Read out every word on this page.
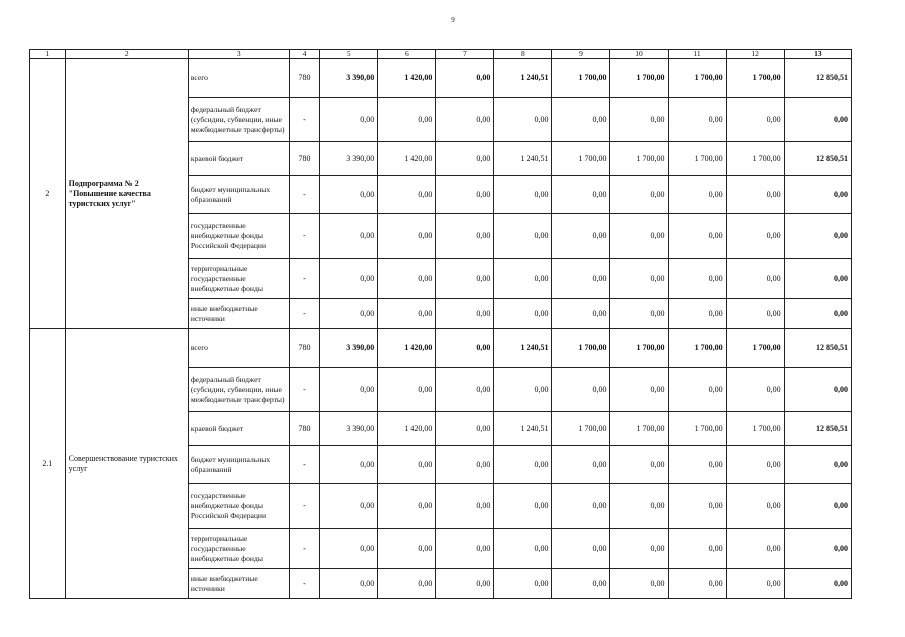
9
1	2	3	4	5	6	7	8	9	10	11	12	13
2	Подпрограмма № 2 "Повышение качества туристских услуг"	всего	780	3 390,00	1 420,00	0,00	1 240,51	1 700,00	1 700,00	1 700,00	1 700,00	12 850,51
		федеральный бюджет (субсидии, субвенции, иные межбюджетные трансферты)	-	0,00	0,00	0,00	0,00	0,00	0,00	0,00	0,00	0,00
		краевой бюджет	780	3 390,00	1 420,00	0,00	1 240,51	1 700,00	1 700,00	1 700,00	1 700,00	12 850,51
		бюджет муниципальных образований	-	0,00	0,00	0,00	0,00	0,00	0,00	0,00	0,00	0,00
		государственные внебюджетные фонды Российской Федерации	-	0,00	0,00	0,00	0,00	0,00	0,00	0,00	0,00	0,00
		территориальные государственные внебюджетные фонды	-	0,00	0,00	0,00	0,00	0,00	0,00	0,00	0,00	0,00
		иные внебюджетные источники	-	0,00	0,00	0,00	0,00	0,00	0,00	0,00	0,00	0,00
2.1	Совершенствование туристских услуг	всего	780	3 390,00	1 420,00	0,00	1 240,51	1 700,00	1 700,00	1 700,00	1 700,00	12 850,51
		федеральный бюджет (субсидии, субвенции, иные межбюджетные трансферты)	-	0,00	0,00	0,00	0,00	0,00	0,00	0,00	0,00	0,00
		краевой бюджет	780	3 390,00	1 420,00	0,00	1 240,51	1 700,00	1 700,00	1 700,00	1 700,00	12 850,51
		бюджет муниципальных образований	-	0,00	0,00	0,00	0,00	0,00	0,00	0,00	0,00	0,00
		государственные внебюджетные фонды Российской Федерации	-	0,00	0,00	0,00	0,00	0,00	0,00	0,00	0,00	0,00
		территориальные государственные внебюджетные фонды	-	0,00	0,00	0,00	0,00	0,00	0,00	0,00	0,00	0,00
		иные внебюджетные источники	-	0,00	0,00	0,00	0,00	0,00	0,00	0,00	0,00	0,00
